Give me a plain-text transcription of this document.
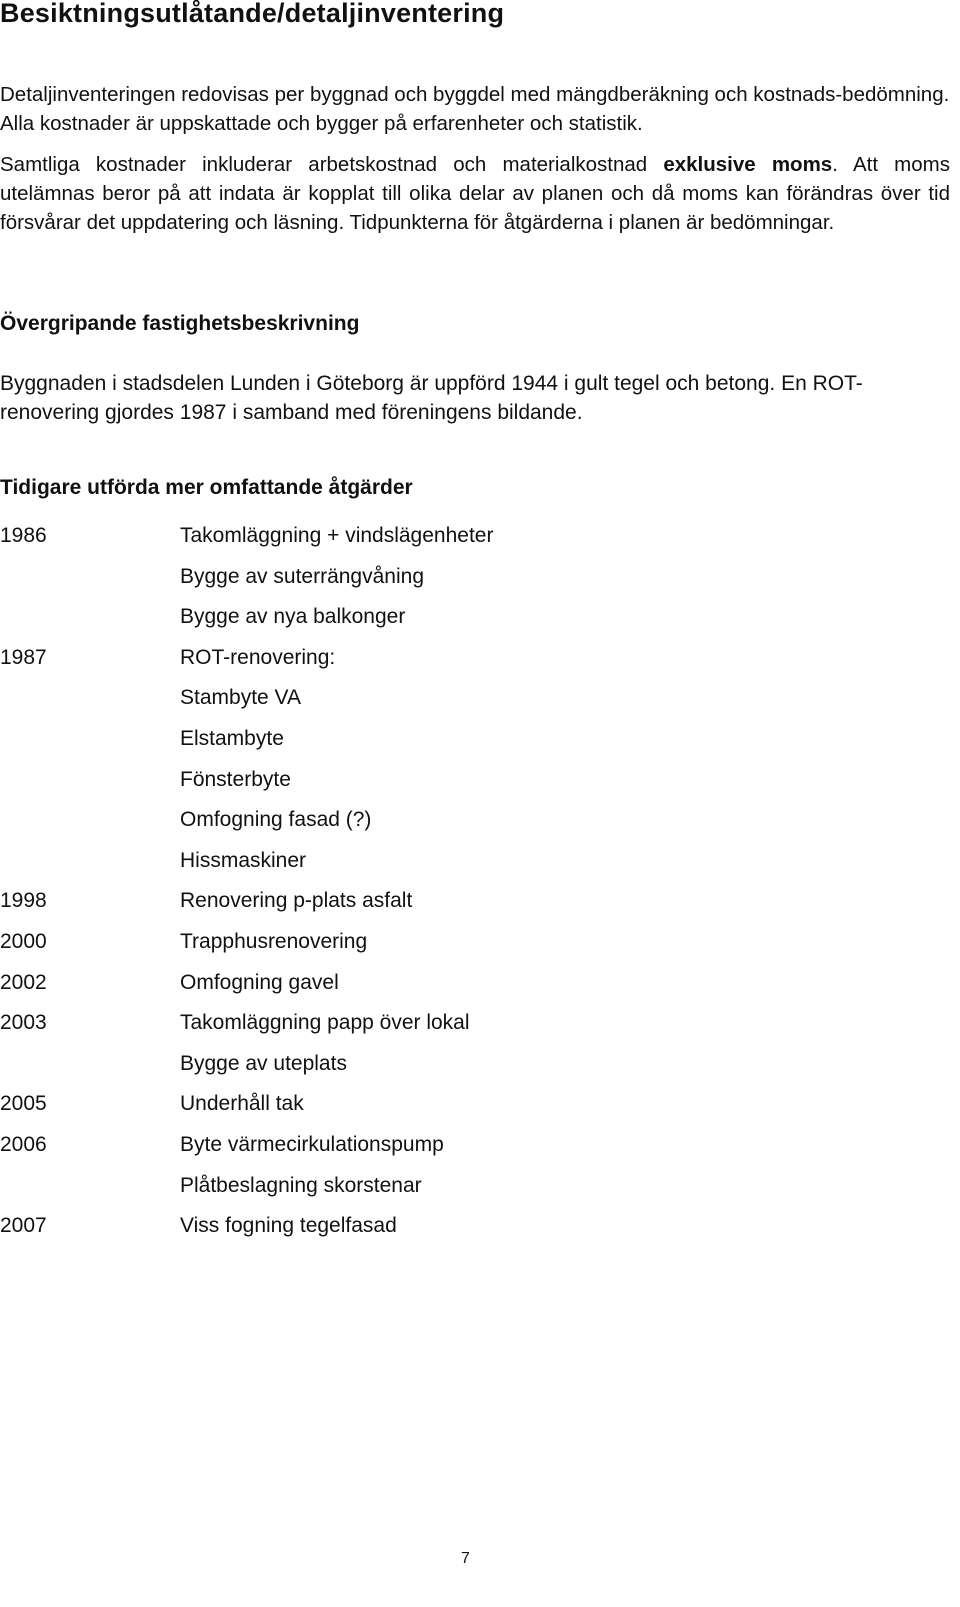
Besiktningsutlåtande/detaljinventering

Detaljinventeringen redovisas per byggnad och byggdel med mängdberäkning och kostnads-bedömning. Alla kostnader är uppskattade och bygger på erfarenheter och statistik.

Samtliga kostnader inkluderar arbetskostnad och materialkostnad exklusive moms. Att moms utelämnas beror på att indata är kopplat till olika delar av planen och då moms kan förändras över tid försvårar det uppdatering och läsning. Tidpunkterna för åtgärderna i planen är bedömningar.

Övergripande fastighetsbeskrivning

Byggnaden i stadsdelen Lunden i Göteborg är uppförd 1944 i gult tegel och betong. En ROT-renovering gjordes 1987 i samband med föreningens bildande.

Tidigare utförda mer omfattande åtgärder
1986	Takomläggning + vindslägenheter
Bygge av suterrängvåning
Bygge av nya balkonger
1987	ROT-renovering:
Stambyte VA
Elstambyte
Fönsterbyte
Omfogning fasad (?)
Hissmaskiner
1998	Renovering p-plats asfalt
2000	Trapphusrenovering
2002	Omfogning gavel
2003	Takomläggning papp över lokal
Bygge av uteplats
2005	Underhåll tak
2006	Byte värmecirkulationspump
Plåtbeslagning skorstenar
2007	Viss fogning tegelfasad
7
